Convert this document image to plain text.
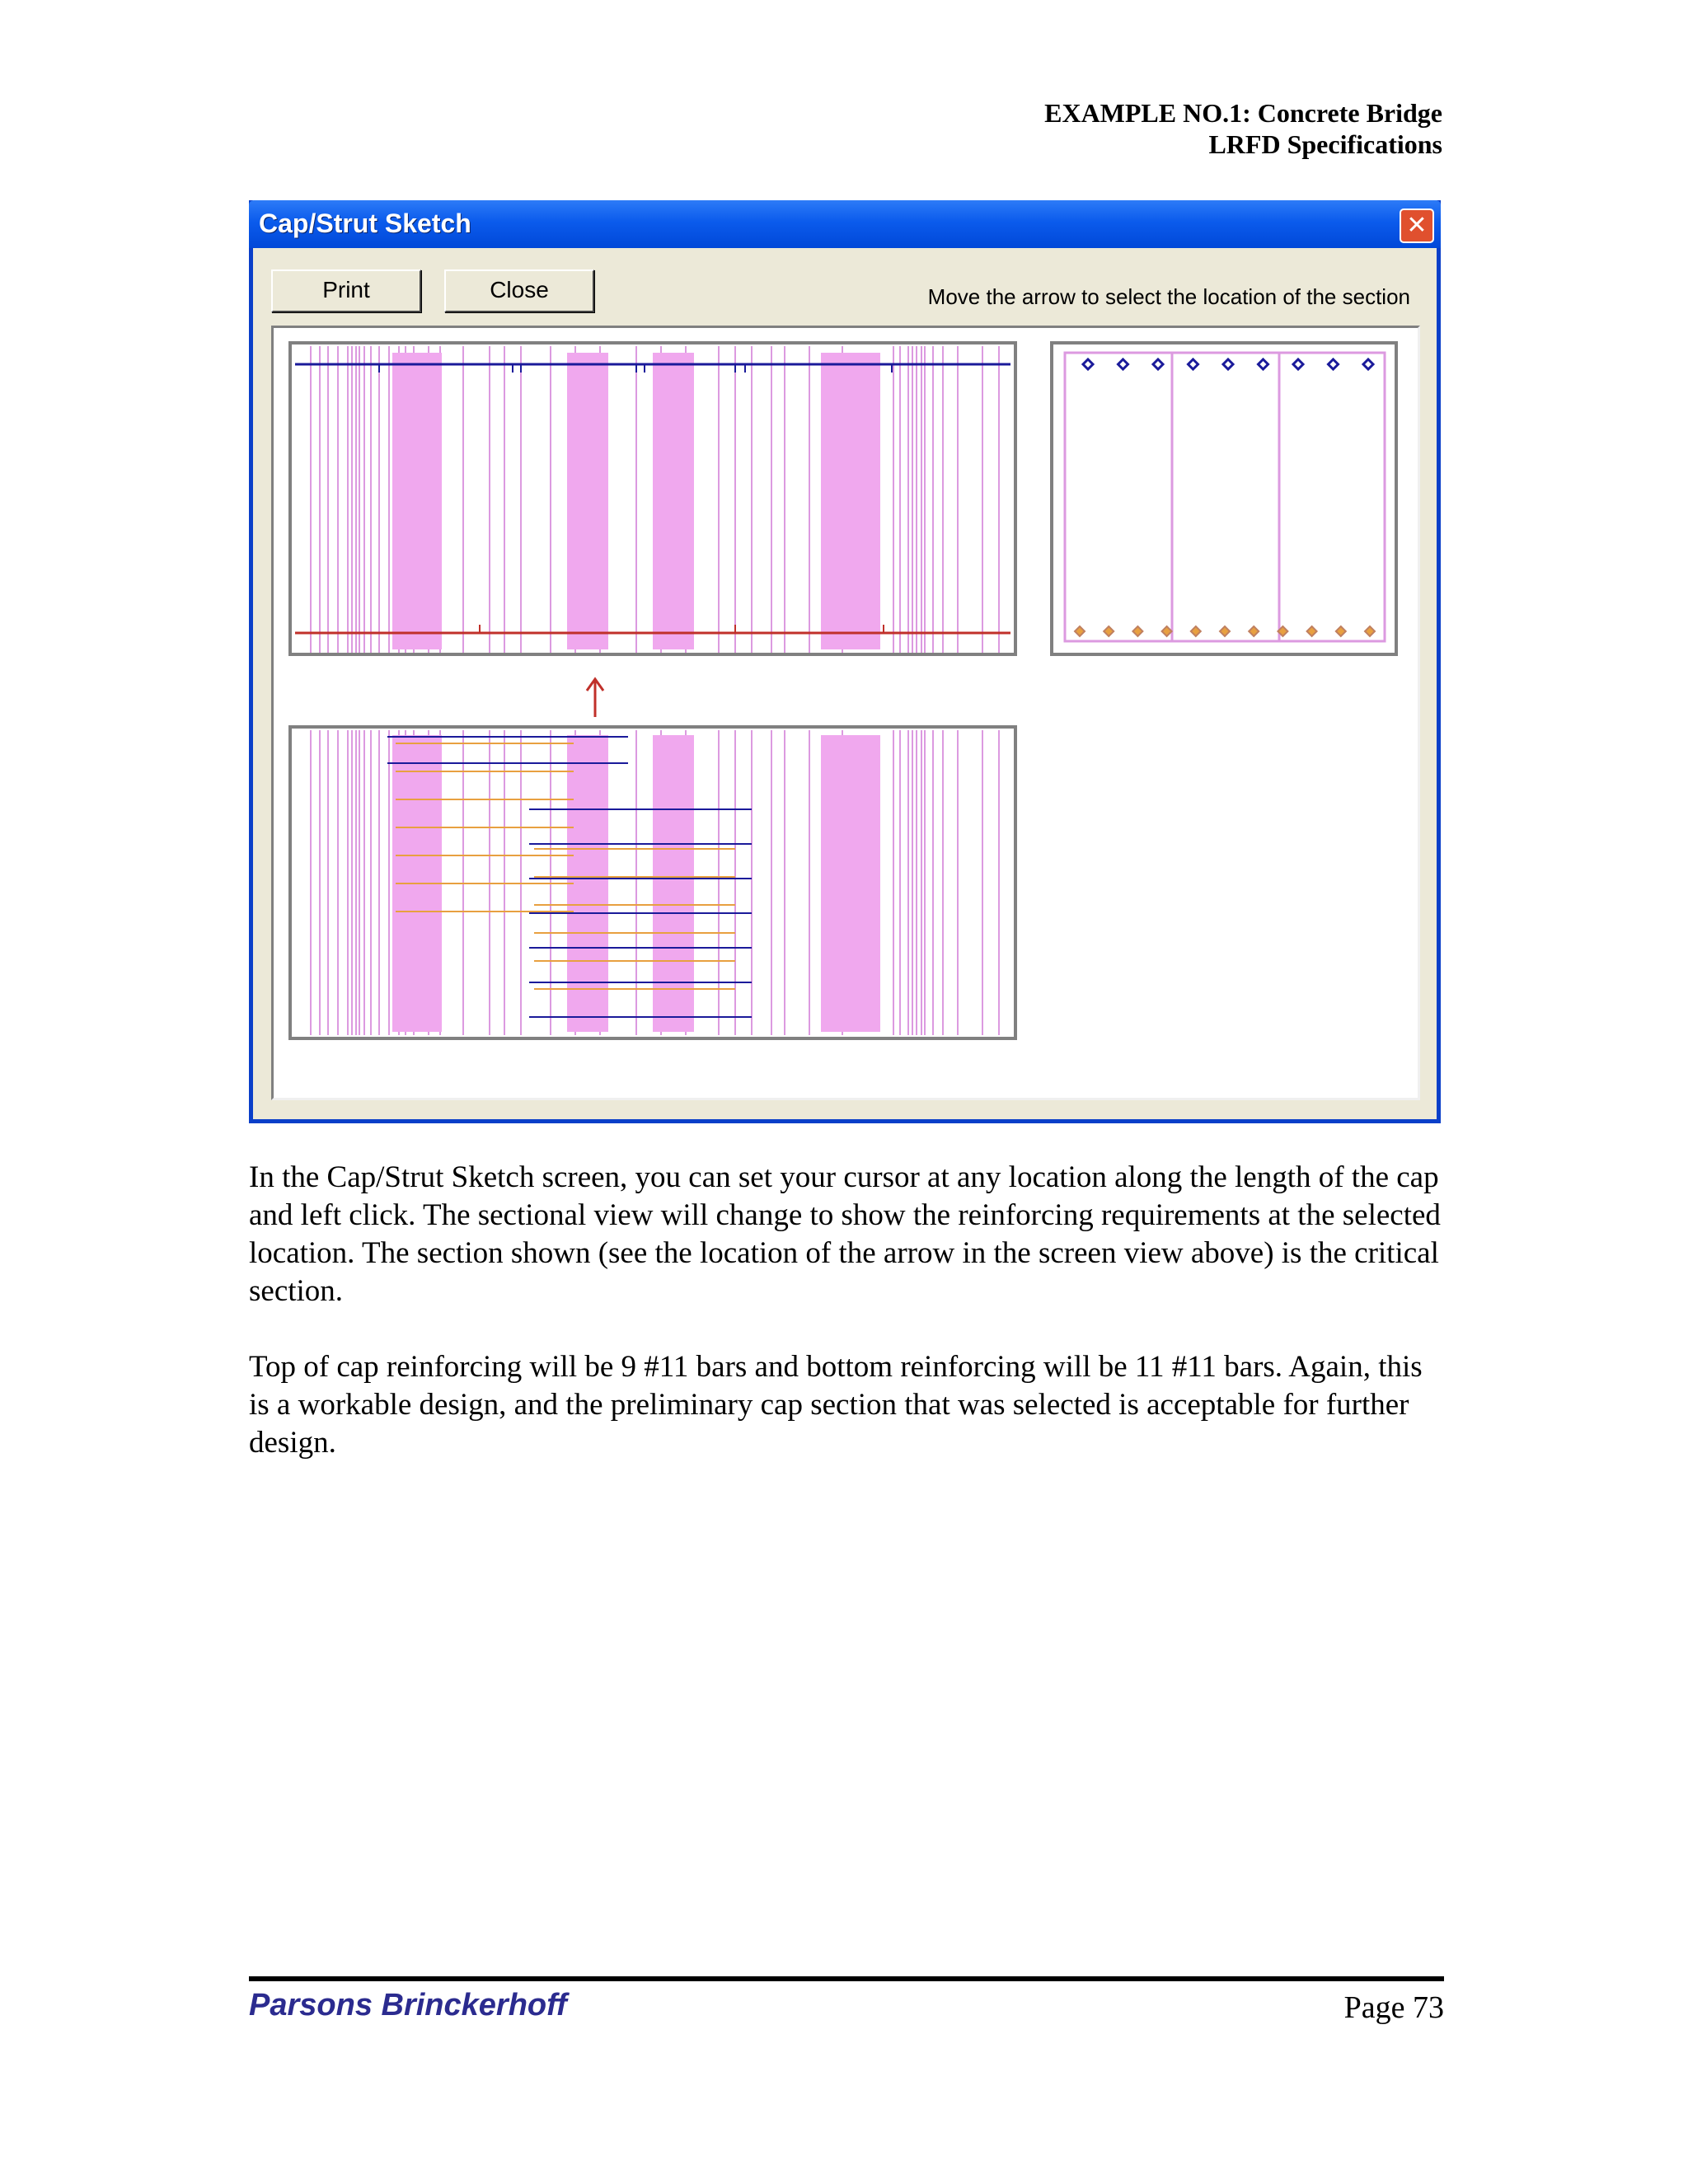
EXAMPLE NO.1: Concrete Bridge
LRFD Specifications
Cap/Strut Sketch	✕
Print	Close	Move the arrow to select the location of the section
In the Cap/Strut Sketch screen, you can set your cursor at any location along the length of the cap and left click. The sectional view will change to show the reinforcing requirements at the selected location. The section shown (see the location of the arrow in the screen view above) is the critical section.
Top of cap reinforcing will be 9 #11 bars and bottom reinforcing will be 11 #11 bars. Again, this is a workable design, and the preliminary cap section that was selected is acceptable for further design.
Parsons Brinckerhoff	Page 73
